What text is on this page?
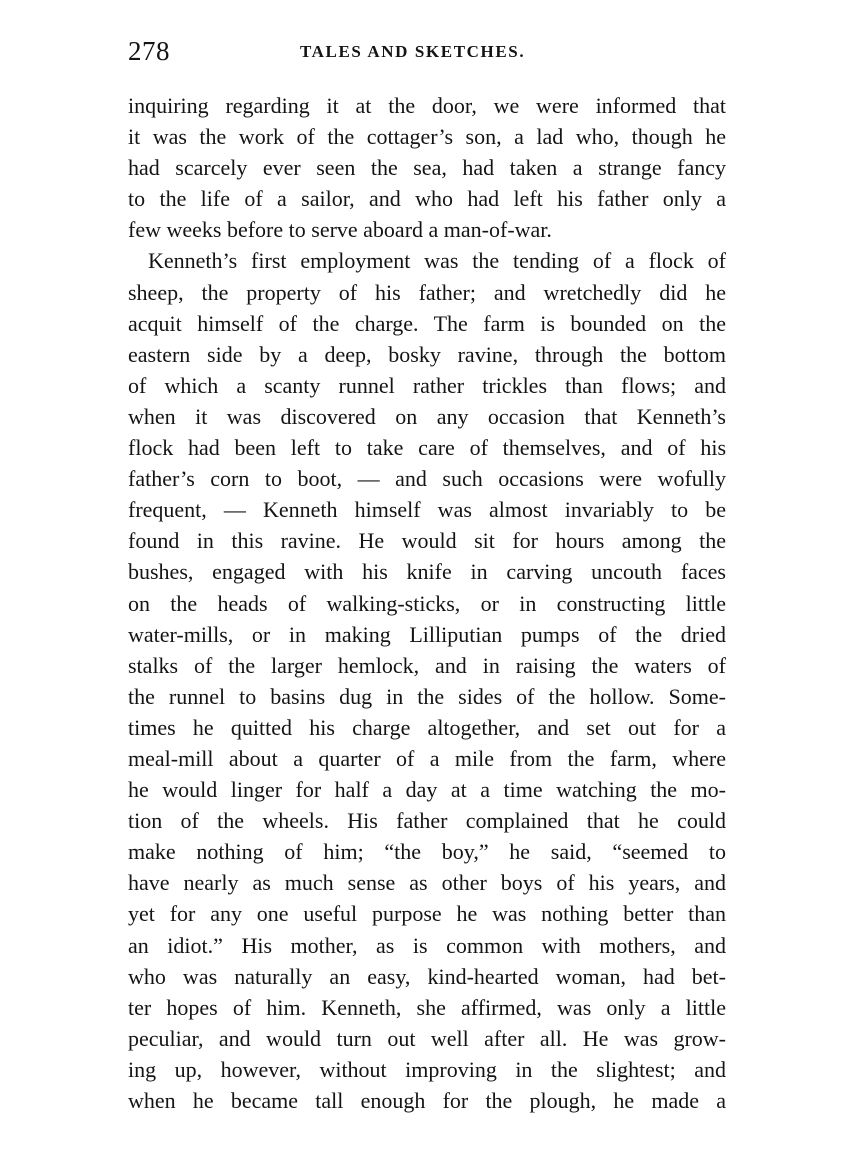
278	TALES AND SKETCHES.
inquiring regarding it at the door, we were informed that
it was the work of the cottager’s son, a lad who, though he
had scarcely ever seen the sea, had taken a strange fancy
to the life of a sailor, and who had left his father only a
few weeks before to serve aboard a man-of-war.
Kenneth’s first employment was the tending of a flock of
sheep, the property of his father; and wretchedly did he
acquit himself of the charge. The farm is bounded on the
eastern side by a deep, bosky ravine, through the bottom
of which a scanty runnel rather trickles than flows; and
when it was discovered on any occasion that Kenneth’s
flock had been left to take care of themselves, and of his
father’s corn to boot, — and such occasions were wofully
frequent, — Kenneth himself was almost invariably to be
found in this ravine. He would sit for hours among the
bushes, engaged with his knife in carving uncouth faces
on the heads of walking-sticks, or in constructing little
water-mills, or in making Lilliputian pumps of the dried
stalks of the larger hemlock, and in raising the waters of
the runnel to basins dug in the sides of the hollow. Some-
times he quitted his charge altogether, and set out for a
meal-mill about a quarter of a mile from the farm, where
he would linger for half a day at a time watching the mo-
tion of the wheels. His father complained that he could
make nothing of him; “the boy,” he said, “seemed to
have nearly as much sense as other boys of his years, and
yet for any one useful purpose he was nothing better than
an idiot.” His mother, as is common with mothers, and
who was naturally an easy, kind-hearted woman, had bet-
ter hopes of him. Kenneth, she affirmed, was only a little
peculiar, and would turn out well after all. He was grow-
ing up, however, without improving in the slightest; and
when he became tall enough for the plough, he made a
